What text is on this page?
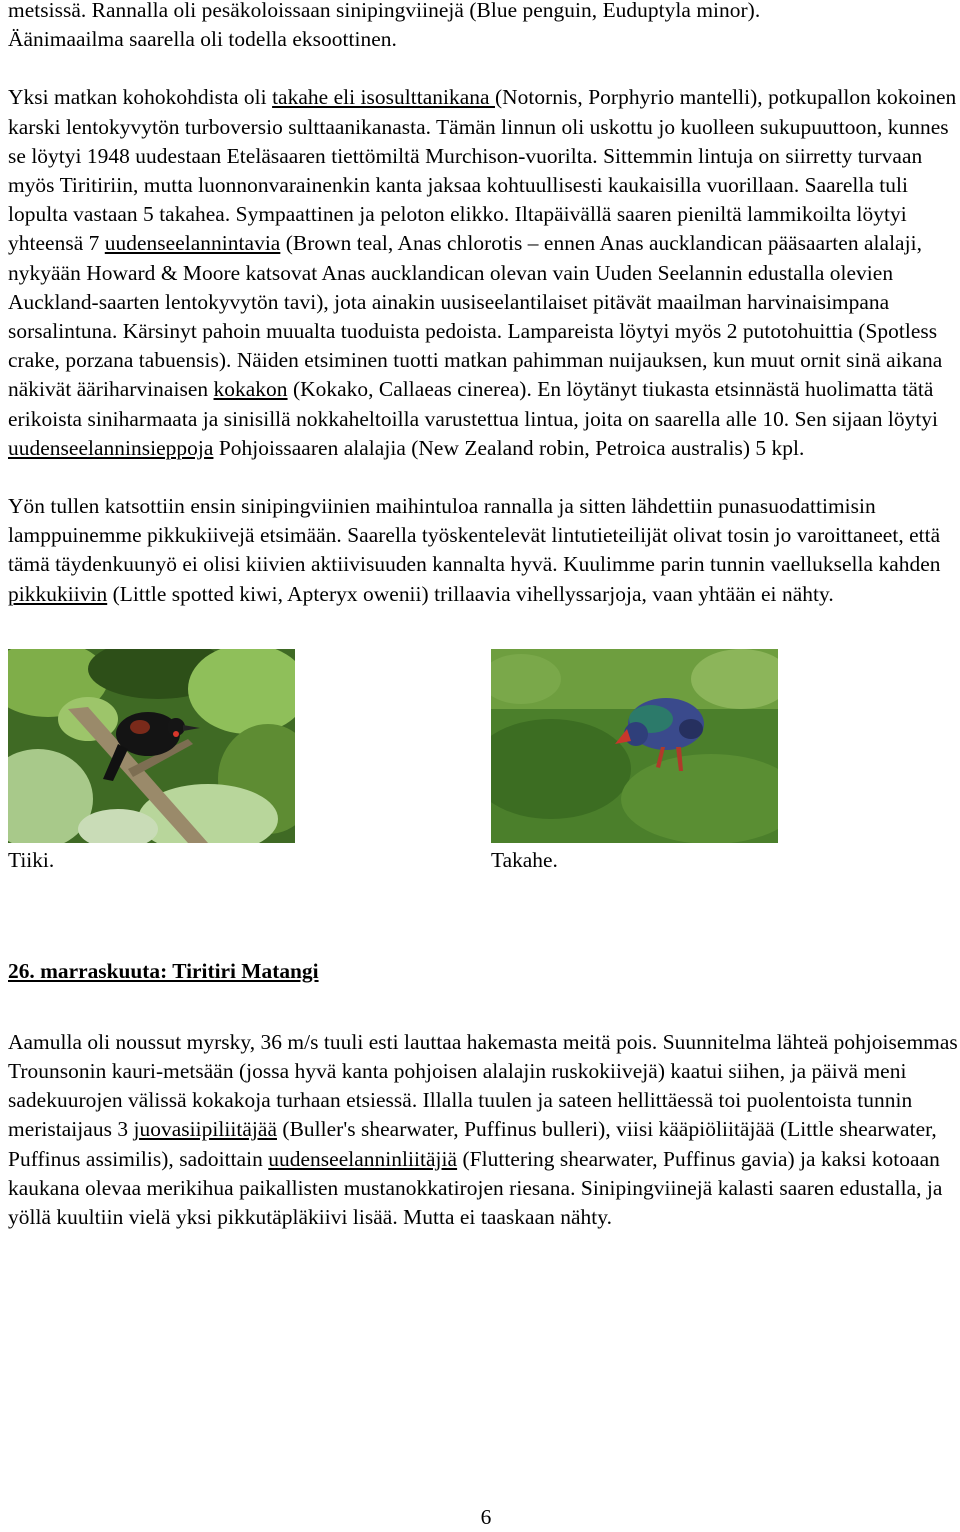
metsissä. Rannalla oli pesäkoloissaan sinipingviinejä (Blue penguin, Euduptyla minor).
Äänimaailma saarella oli todella eksoottinen.

Yksi matkan kohokohdista oli takahe eli isosulttanikana (Notornis, Porphyrio mantelli), potkupallon kokoinen karski lentokyvytön turboversio sulttaanikanasta. Tämän linnun oli uskottu jo kuolleen sukupuuttoon, kunnes se löytyi 1948 uudestaan Eteläsaaren tiettömiltä Murchison-vuorilta. Sittemmin lintuja on siirretty turvaan myös Tiritiriin, mutta luonnonvarainenkin kanta jaksaa kohtuullisesti kaukaisilla vuorillaan. Saarella tuli lopulta vastaan 5 takahea. Sympaattinen ja peloton elikko. Iltapäivällä saaren pieniltä lammikoilta löytyi yhteensä 7 uudenseelannintavia (Brown teal, Anas chlorotis – ennen Anas aucklandican pääsaarten alalaji, nykyään Howard & Moore katsovat Anas aucklandican olevan vain Uuden Seelannin edustalla olevien Auckland-saarten lentokyvytön tavi), jota ainakin uusiseelantilaiset pitävät maailman harvinaisimpana sorsalintuna. Kärsinyt pahoin muualta tuoduista pedoista. Lampareista löytyi myös 2 putotohuittia (Spotless crake, porzana tabuensis). Näiden etsiminen tuotti matkan pahimman nuijauksen, kun muut ornit sinä aikana näkivät ääriharvinaisen kokakon (Kokako, Callaeas cinerea). En löytänyt tiukasta etsinnästä huolimatta tätä erikoista siniharmaata ja sinisillä nokkaheltoilla varustettua lintua, joita on saarella alle 10. Sen sijaan löytyi uudenseelanninsieppoja Pohjoissaaren alalajia (New Zealand robin, Petroica australis) 5 kpl.

Yön tullen katsottiin ensin sinipingviinien maihintuloa rannalla ja sitten lähdettiin punasuodattimisin lamppuinemme pikkukiivejä etsimään. Saarella työskentelevät lintutieteilijät olivat tosin jo varoittaneet, että tämä täydenkuunyö ei olisi kiivien aktiivisuuden kannalta hyvä. Kuulimme parin tunnin vaelluksella kahden pikkukiivin (Little spotted kiwi, Apteryx owenii) trillaavia vihellyssarjoja, vaan yhtään ei nähty.

Tiiki.	Takahe.
26. marraskuuta: Tiritiri Matangi

Aamulla oli noussut myrsky, 36 m/s tuuli esti lauttaa hakemasta meitä pois. Suunnitelma lähteä pohjoisemmas Trounsonin kauri-metsään (jossa hyvä kanta pohjoisen alalajin ruskokiivejä) kaatui siihen, ja päivä meni sadekuurojen välissä kokakoja turhaan etsiessä. Illalla tuulen ja sateen hellittäessä toi puolentoista tunnin meristaijaus 3 juovasiipiliitäjää (Buller's shearwater, Puffinus bulleri), viisi kääpiöliitäjää (Little shearwater, Puffinus assimilis), sadoittain uudenseelanninliitäjiä (Fluttering shearwater, Puffinus gavia) ja kaksi kotoaan kaukana olevaa merikihua paikallisten mustanokkatirojen riesana. Sinipingviinejä kalasti saaren edustalla, ja yöllä kuultiin vielä yksi pikkutäpläkiivi lisää. Mutta ei taaskaan nähty.

6
